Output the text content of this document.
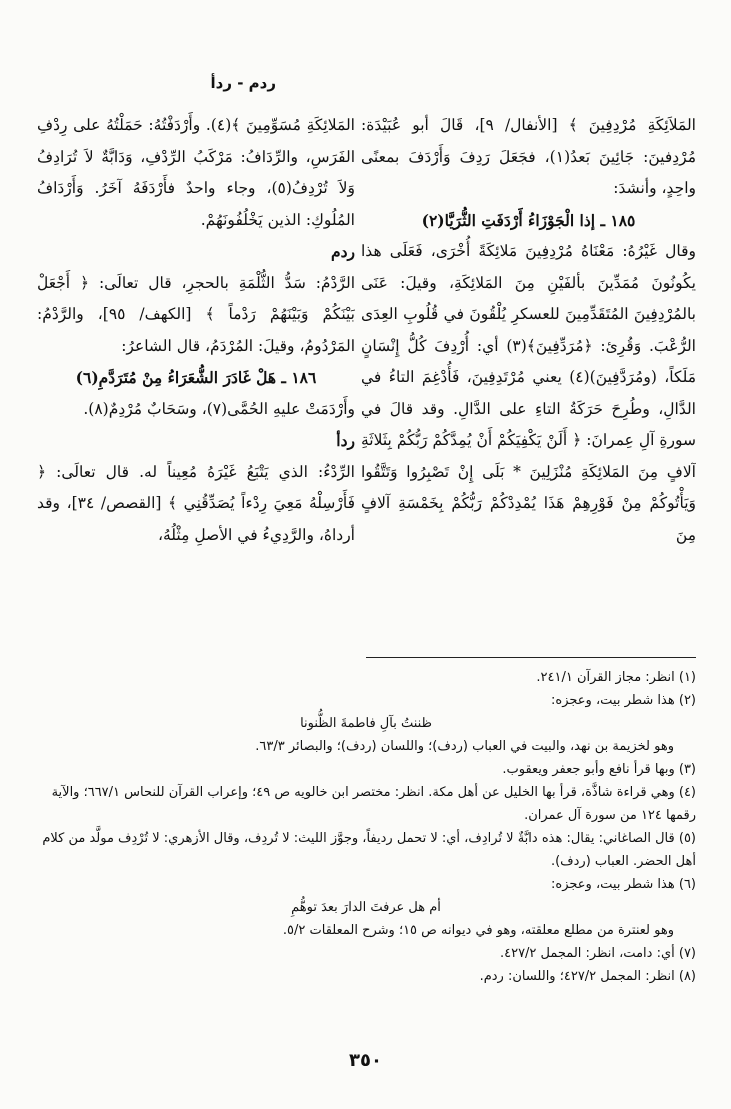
ردم - ردأ

المَلاَئِكَةِ مُرْدِفِينَ ﴾ [الأنفال/ ٩]، قَالَ أبو عُبَيْدَة: مُرْدِفينَ: جَائِينَ بَعدُ(١)، فجَعَلَ رَدِفَ وَأَرْدَفَ بمعنًى واحِدٍ، وأنشدَ:

١٨٥ ـ إذا الْجَوْزَاءُ أَرْدَفَتِ الثُّرَيَّا(٢)

وقال غَيْرُهُ: مَعْنَاهُ مُرْدِفِينَ مَلائِكَةً أُخْرَى، فَعَلَى هذا يكُونُونَ مُمَدِّينَ بألفَيْنِ مِنَ المَلائِكَةِ، وقيلَ: عَنَى بالمُرْدِفِينَ المُتَقَدِّمِينَ للعسكرِ يُلْقُونَ في قُلُوبِ العِدَى الرُّعْبَ. وَقُرِئ: ﴿مُرَدِّفِينَ﴾(٣) أي: أُرْدِفَ كُلُّ إِنْسَانٍ مَلَكاً، (ومُرَدَّفِينَ)(٤) يعني مُرْتَدِفِينَ، فَأُدْغِمَ التاءُ في الدَّالِ، وطُرِحَ حَرَكَةُ التاءِ على الدَّالِ. وقد قالَ في سورةِ آلِ عِمرانَ: ﴿ أَلَنْ يَكْفِيَكُمْ أَنْ يُمِدَّكُمْ رَبُّكُمْ بِثَلاثَةِ آلافٍ مِنَ المَلائِكَةِ مُنْزَلِينَ * بَلَى إِنْ تَصْبِرُوا وَتَتَّقُوا وَيَأْتُوكُمْ مِنْ فَوْرِهِمْ هَذَا يُمْدِدْكُمْ رَبُّكُمْ بِخَمْسَةِ آلافٍ مِنَ

المَلائِكَةِ مُسَوِّمِينَ ﴾(٤). وأَرْدَفْتُهُ: حَمَلْتُهُ على رِدْفِ الفَرَسِ، والرِّدَافُ: مَرْكَبُ الرِّدْفِ، وَدَابَّةٌ لاَ تُرَادِفُ وَلاَ تُرْدِفُ(٥)، وجاء واحدٌ فأَرْدَفَهُ آخَرُ. وَأَرْدَافُ المُلُوكِ: الذين يَخْلُفُونَهُمْ.

ردم

الرَّدْمُ: سَدُّ الثُّلْمَةِ بالحجرِ، قال تعالَى: ﴿ أَجْعَلْ بَيْنَكُمْ وَبَيْنَهُمْ رَدْماً ﴾ [الكهف/ ٩٥]، والرَّدْمُ: المَرْدُومُ، وقيلَ: المُرْدَمُ، قال الشاعرُ:

١٨٦ ـ هَلْ غَادَرَ الشُّعَرَاءُ مِنْ مُتَرَدَّمِ(٦)

وأَرْدَمَتْ عليهِ الحُمَّى(٧)، وسَحَابٌ مُرْدِمٌ(٨).

ردأ

الرِّدْءُ: الذي يَتْبَعُ غَيْرَهُ مُعِيناً له. قال تعالَى: ﴿ فَأَرْسِلْهُ مَعِيَ رِدْءاً يُصَدِّقُنِي ﴾ [القصص/ ٣٤]، وقد أرداهُ، والرَّدِيءُ في الأصلِ مِثْلُهُ،

(١) انظر: مجاز القرآن ٢٤١/١.

(٢) هذا شطر بيت، وعجزه:

ظننتُ بآلِ فاطمةَ الظُّنونا

وهو لخزيمة بن نهد، والبيت في العباب (ردف)؛ واللسان (ردف)؛ والبصائر ٦٣/٣.

(٣) وبها قرأ نافع وأبو جعفر ويعقوب.

(٤) وهي قراءة شاذَّة، قرأ بها الخليل عن أهل مكة. انظر: مختصر ابن خالويه ص ٤٩؛ وإعراب القرآن للنحاس ٦٦٧/١؛ والآية رقمها ١٢٤ من سورة آل عمران.

(٥) قال الصاغاني: يقال: هذه دابَّةٌ لا تُرادِف، أي: لا تحمل رديفاً، وجوَّز الليث: لا تُردِف، وقال الأزهري: لا تُرْدِف مولَّد من كلام أهل الحضر. العباب (ردف).

(٦) هذا شطر بيت، وعجزه:

أم هل عرفتَ الدارَ بعدَ توهُّمِ

وهو لعنترة من مطلع معلقته، وهو في ديوانه ص ١٥؛ وشرح المعلقات ٥/٢.

(٧) أي: دامت، انظر: المجمل ٤٢٧/٢.

(٨) انظر: المجمل ٤٢٧/٢؛ واللسان: ردم.

٣٥٠
